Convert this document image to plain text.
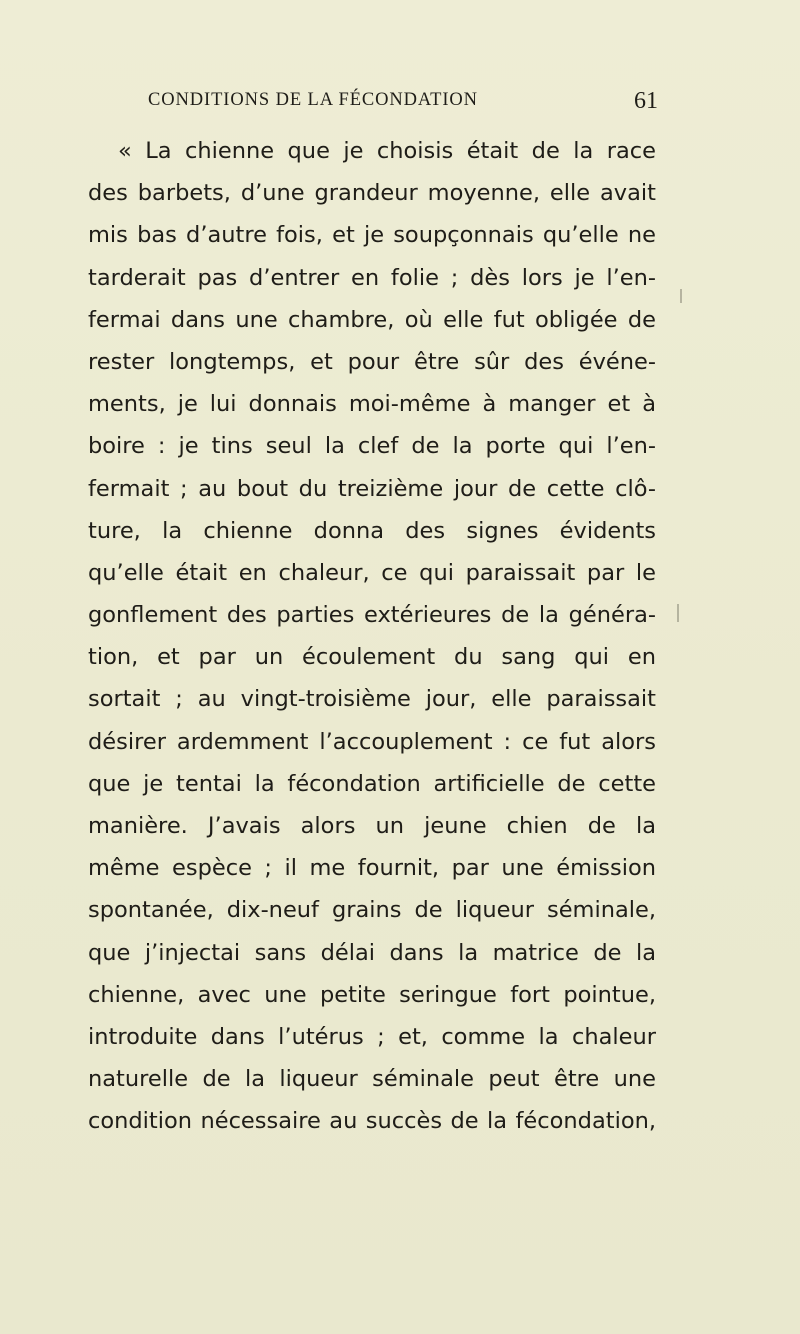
CONDITIONS DE LA FÉCONDATION	61
« La chienne que je choisis était de la race
des barbets, d’une grandeur moyenne, elle avait
mis bas d’autre fois, et je soupçonnais qu’elle ne
tarderait pas d’entrer en folie ; dès lors je l’en-
fermai dans une chambre, où elle fut obligée de
rester longtemps, et pour être sûr des événe-
ments, je lui donnais moi-même à manger et à
boire : je tins seul la clef de la porte qui l’en-
fermait ; au bout du treizième jour de cette clô-
ture, la chienne donna des signes évidents
qu’elle était en chaleur, ce qui paraissait par le
gonflement des parties extérieures de la généra-
tion, et par un écoulement du sang qui en
sortait ; au vingt-troisième jour, elle paraissait
désirer ardemment l’accouplement : ce fut alors
que je tentai la fécondation artificielle de cette
manière. J’avais alors un jeune chien de la
même espèce ; il me fournit, par une émission
spontanée, dix-neuf grains de liqueur séminale,
que j’injectai sans délai dans la matrice de la
chienne, avec une petite seringue fort pointue,
introduite dans l’utérus ; et, comme la chaleur
naturelle de la liqueur séminale peut être une
condition nécessaire au succès de la fécondation,
